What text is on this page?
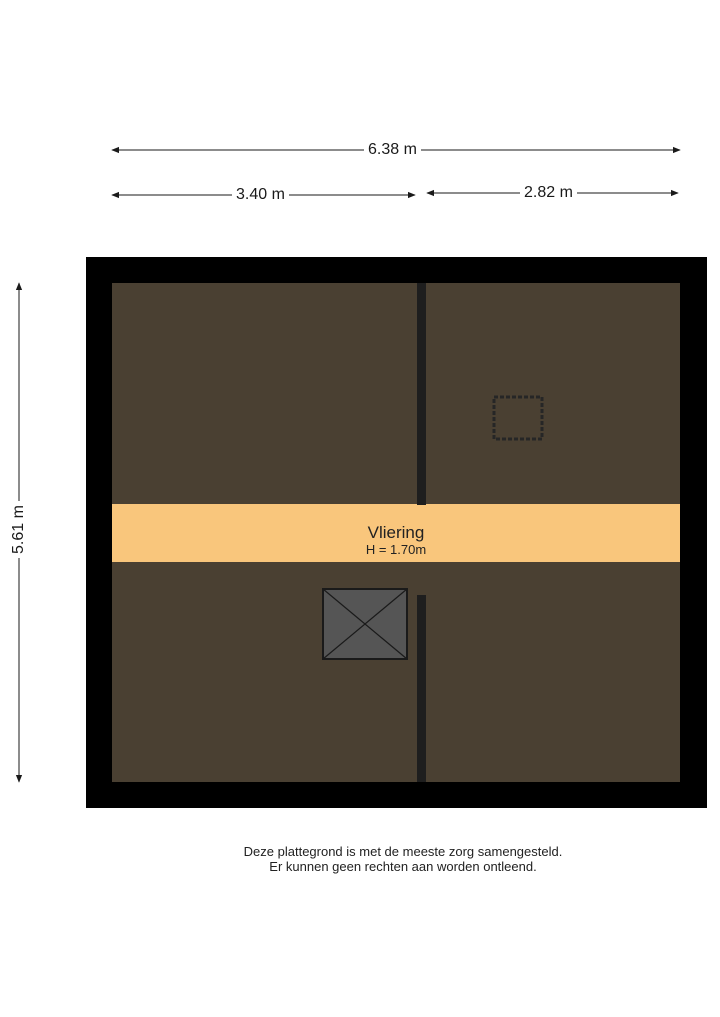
6.38 m
3.40 m	2.82 m
5.61 m	Vliering
H = 1.70m
Deze plattegrond is met de meeste zorg samengesteld.
Er kunnen geen rechten aan worden ontleend.
